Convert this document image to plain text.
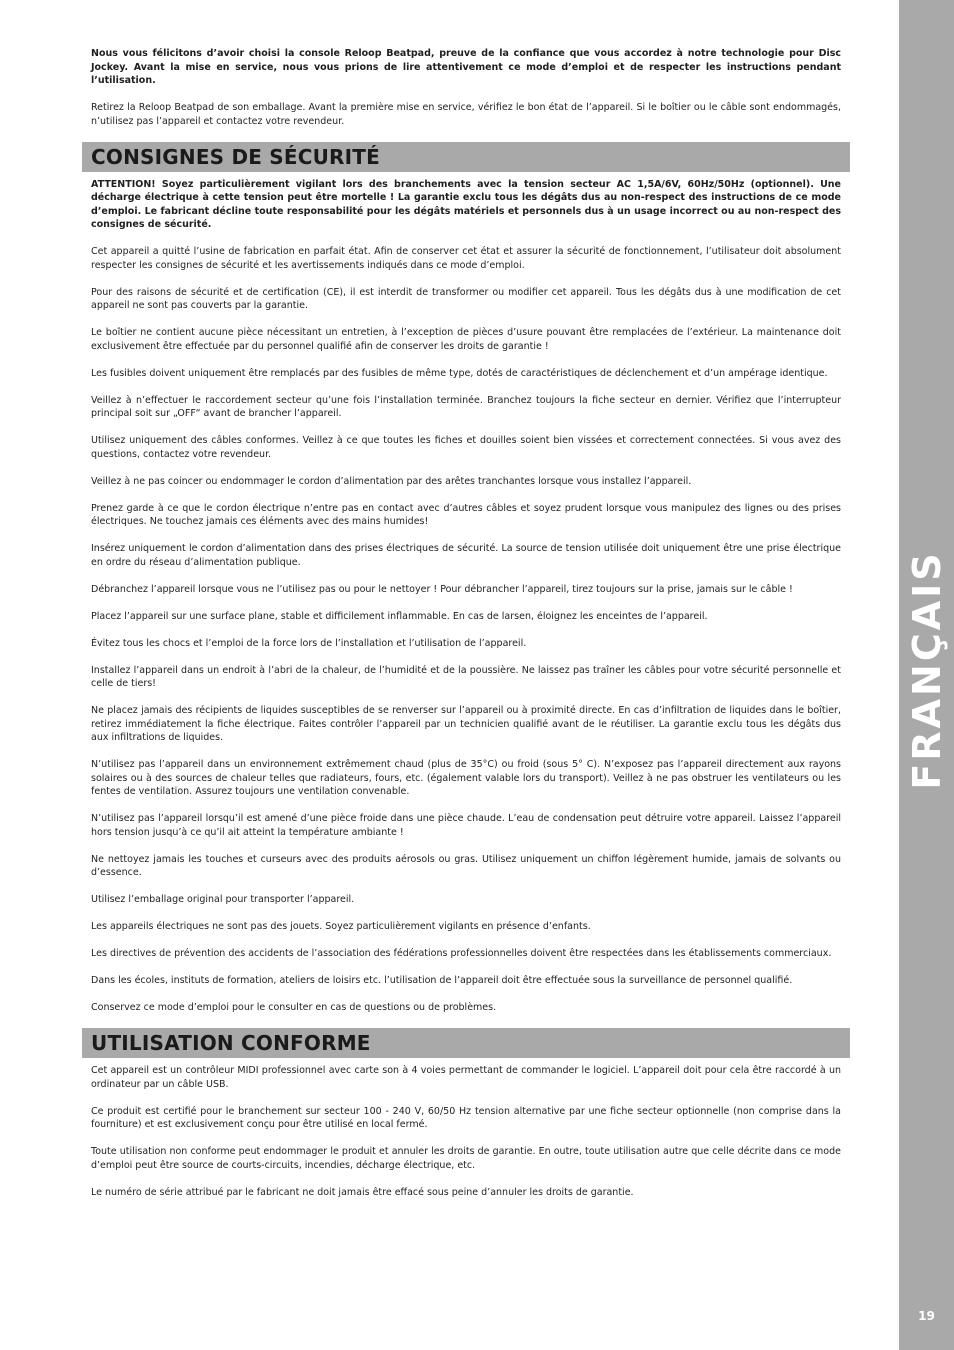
FRANÇAIS
19

Nous vous félicitons d’avoir choisi la console Reloop Beatpad, preuve de la confiance que vous accordez à notre technologie pour Disc Jockey. Avant la mise en service, nous vous prions de lire attentivement ce mode d’emploi et de respecter les instructions pendant l’utilisation.

Retirez la Reloop Beatpad de son emballage. Avant la première mise en service, vérifiez le bon état de l’appareil. Si le boîtier ou le câble sont endommagés, n’utilisez pas l’appareil et contactez votre revendeur.

CONSIGNES DE SÉCURITÉ

ATTENTION! Soyez particulièrement vigilant lors des branchements avec la tension secteur AC 1,5A/6V, 60Hz/50Hz (optionnel). Une décharge électrique à cette tension peut être mortelle ! La garantie exclu tous les dégâts dus au non-respect des instructions de ce mode d’emploi. Le fabricant décline toute responsabilité pour les dégâts matériels et personnels dus à un usage incorrect ou au non-respect des consignes de sécurité.

Cet appareil a quitté l’usine de fabrication en parfait état. Afin de conserver cet état et assurer la sécurité de fonctionnement, l’utilisateur doit absolument respecter les consignes de sécurité et les avertissements indiqués dans ce mode d’emploi.

Pour des raisons de sécurité et de certification (CE), il est interdit de transformer ou modifier cet appareil. Tous les dégâts dus à une modification de cet appareil ne sont pas couverts par la garantie.

Le boîtier ne contient aucune pièce nécessitant un entretien, à l’exception de pièces d’usure pouvant être remplacées de l’extérieur. La maintenance doit exclusivement être effectuée par du personnel qualifié afin de conserver les droits de garantie !

Les fusibles doivent uniquement être remplacés par des fusibles de même type, dotés de caractéristiques de déclenchement et d’un ampérage identique.

Veillez à n’effectuer le raccordement secteur qu’une fois l’installation terminée. Branchez toujours la fiche secteur en dernier. Vérifiez que l’interrupteur principal soit sur „OFF“ avant de brancher l’appareil.

Utilisez uniquement des câbles conformes. Veillez à ce que toutes les fiches et douilles soient bien vissées et correctement connectées. Si vous avez des questions, contactez votre revendeur.

Veillez à ne pas coincer ou endommager le cordon d’alimentation par des arêtes tranchantes lorsque vous installez l’appareil.

Prenez garde à ce que le cordon électrique n’entre pas en contact avec d’autres câbles et soyez prudent lorsque vous manipulez des lignes ou des prises électriques. Ne touchez jamais ces éléments avec des mains humides!

Insérez uniquement le cordon d’alimentation dans des prises électriques de sécurité. La source de tension utilisée doit uniquement être une prise électrique en ordre du réseau d’alimentation publique.

Débranchez l’appareil lorsque vous ne l’utilisez pas ou pour le nettoyer ! Pour débrancher l’appareil, tirez toujours sur la prise, jamais sur le câble !

Placez l’appareil sur une surface plane, stable et difficilement inflammable. En cas de larsen, éloignez les enceintes de l’appareil.

Évitez tous les chocs et l’emploi de la force lors de l’installation et l’utilisation de l’appareil.

Installez l’appareil dans un endroit à l’abri de la chaleur, de l’humidité et de la poussière. Ne laissez pas traîner les câbles pour votre sécurité personnelle et celle de tiers!

Ne placez jamais des récipients de liquides susceptibles de se renverser sur l’appareil ou à proximité directe. En cas d’infiltration de liquides dans le boîtier, retirez immédiatement la fiche électrique. Faites contrôler l’appareil par un technicien qualifié avant de le réutiliser. La garantie exclu tous les dégâts dus aux infiltrations de liquides.

N’utilisez pas l’appareil dans un environnement extrêmement chaud (plus de 35°C) ou froid (sous 5° C). N’exposez pas l’appareil directement aux rayons solaires ou à des sources de chaleur telles que radiateurs, fours, etc. (également valable lors du transport). Veillez à ne pas obstruer les ventilateurs ou les fentes de ventilation. Assurez toujours une ventilation convenable.

N’utilisez pas l’appareil lorsqu’il est amené d’une pièce froide dans une pièce chaude. L’eau de condensation peut détruire votre appareil. Laissez l’appareil hors tension jusqu’à ce qu’il ait atteint la température ambiante !

Ne nettoyez jamais les touches et curseurs avec des produits aérosols ou gras. Utilisez uniquement un chiffon légèrement humide, jamais de solvants ou d’essence.

Utilisez l’emballage original pour transporter l’appareil.

Les appareils électriques ne sont pas des jouets. Soyez particulièrement vigilants en présence d’enfants.

Les directives de prévention des accidents de l’association des fédérations professionnelles doivent être respectées dans les établissements commerciaux.

Dans les écoles, instituts de formation, ateliers de loisirs etc. l’utilisation de l’appareil doit être effectuée sous la surveillance de personnel qualifié.

Conservez ce mode d’emploi pour le consulter en cas de questions ou de problèmes.

UTILISATION CONFORME

Cet appareil est un contrôleur MIDI professionnel avec carte son à 4 voies permettant de commander le logiciel. L’appareil doit pour cela être raccordé à un ordinateur par un câble USB.

Ce produit est certifié pour le branchement sur secteur 100 - 240 V, 60/50 Hz tension alternative par une fiche secteur optionnelle (non comprise dans la fourniture) et est exclusivement conçu pour être utilisé en local fermé.

Toute utilisation non conforme peut endommager le produit et annuler les droits de garantie. En outre, toute utilisation autre que celle décrite dans ce mode d’emploi peut être source de courts-circuits, incendies, décharge électrique, etc.

Le numéro de série attribué par le fabricant ne doit jamais être effacé sous peine d’annuler les droits de garantie.
